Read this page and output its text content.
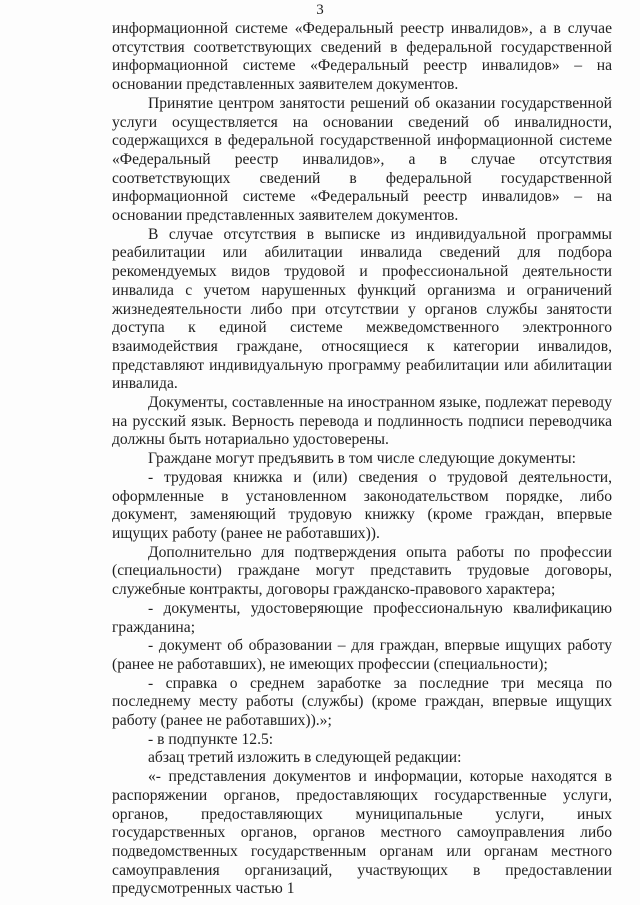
3

информационной системе «Федеральный реестр инвалидов», а в случае отсутствия соответствующих сведений в федеральной государственной информационной системе «Федеральный реестр инвалидов» – на основании представленных заявителем документов.

Принятие центром занятости решений об оказании государственной услуги осуществляется на основании сведений об инвалидности, содержащихся в федеральной государственной информационной системе «Федеральный реестр инвалидов», а в случае отсутствия соответствующих сведений в федеральной государственной информационной системе «Федеральный реестр инвалидов» – на основании представленных заявителем документов.

В случае отсутствия в выписке из индивидуальной программы реабилитации или абилитации инвалида сведений для подбора рекомендуемых видов трудовой и профессиональной деятельности инвалида с учетом нарушенных функций организма и ограничений жизнедеятельности либо при отсутствии у органов службы занятости доступа к единой системе межведомственного электронного взаимодействия граждане, относящиеся к категории инвалидов, представляют индивидуальную программу реабилитации или абилитации инвалида.

Документы, составленные на иностранном языке, подлежат переводу на русский язык. Верность перевода и подлинность подписи переводчика должны быть нотариально удостоверены.

Граждане могут предъявить в том числе следующие документы:

- трудовая книжка и (или) сведения о трудовой деятельности, оформленные в установленном законодательством порядке, либо документ, заменяющий трудовую книжку (кроме граждан, впервые ищущих работу (ранее не работавших)).

Дополнительно для подтверждения опыта работы по профессии (специальности) граждане могут представить трудовые договоры, служебные контракты, договоры гражданско-правового характера;

- документы, удостоверяющие профессиональную квалификацию гражданина;

- документ об образовании – для граждан, впервые ищущих работу (ранее не работавших), не имеющих профессии (специальности);

- справка о среднем заработке за последние три месяца по последнему месту работы (службы) (кроме граждан, впервые ищущих работу (ранее не работавших)).»;

- в подпункте 12.5:

абзац третий изложить в следующей редакции:

«- представления документов и информации, которые находятся в распоряжении органов, предоставляющих государственные услуги, органов, предоставляющих муниципальные услуги, иных государственных органов, органов местного самоуправления либо подведомственных государственным органам или органам местного самоуправления организаций, участвующих в предоставлении предусмотренных частью 1
